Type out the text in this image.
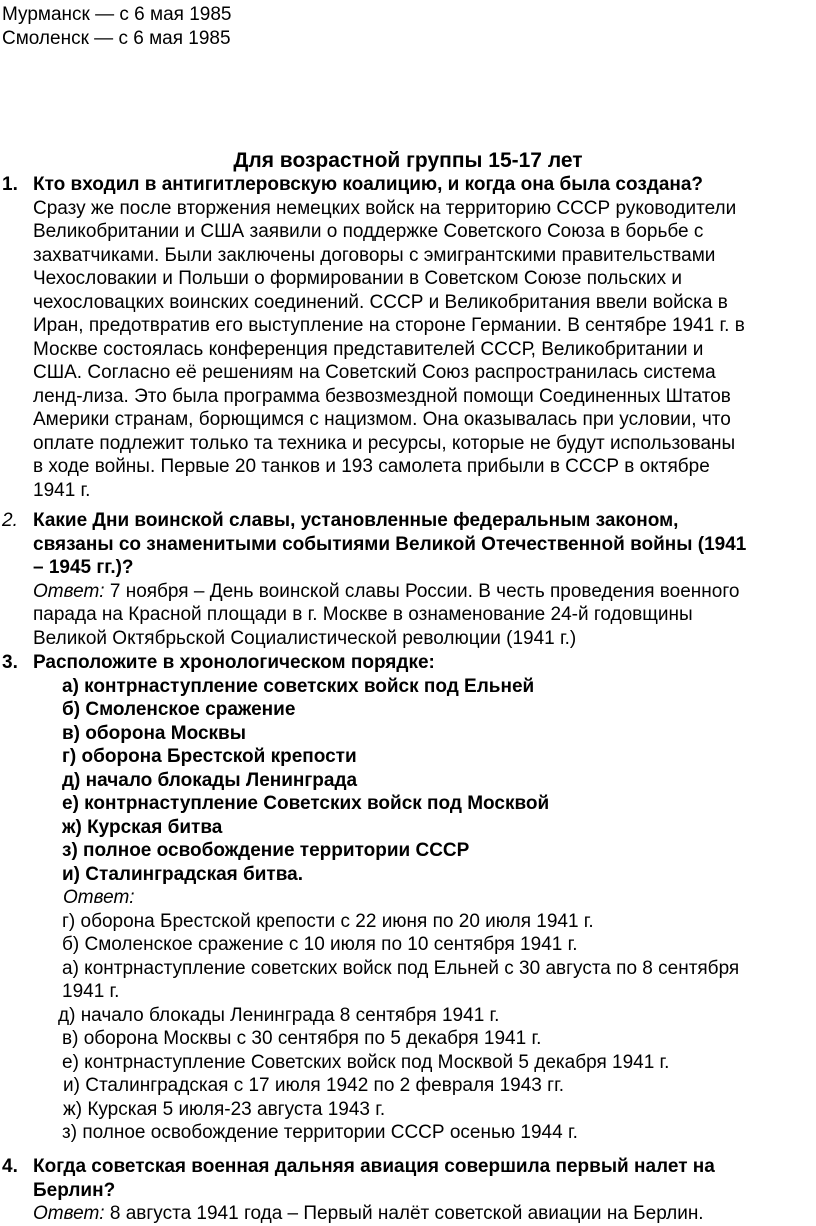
Мурманск — с 6 мая 1985
Смоленск — с 6 мая 1985
Для возрастной группы 15-17 лет
1. Кто входил в антигитлеровскую коалицию, и когда она была создана?
Сразу же после вторжения немецких войск на территорию СССР руководители
Великобритании и США заявили о поддержке Советского Союза в борьбе с
захватчиками. Были заключены договоры с эмигрантскими правительствами
Чехословакии и Польши о формировании в Советском Союзе польских и
чехословацких воинских соединений. СССР и Великобритания ввели войска в
Иран, предотвратив его выступление на стороне Германии. В сентябре 1941 г. в
Москве состоялась конференция представителей СССР, Великобритании и
США. Согласно её решениям на Советский Союз распространилась система
ленд-лиза. Это была программа безвозмездной помощи Соединенных Штатов
Америки странам, борющимся с нацизмом. Она оказывалась при условии, что
оплате подлежит только та техника и ресурсы, которые не будут использованы
в ходе войны. Первые 20 танков и 193 самолета прибыли в СССР в октябре
1941 г.
2. Какие Дни воинской славы, установленные федеральным законом,
связаны со знаменитыми событиями Великой Отечественной войны (1941
– 1945 гг.)?
Ответ: 7 ноября – День воинской славы России. В честь проведения военного
парада на Красной площади в г. Москве в ознаменование 24-й годовщины
Великой Октябрьской Социалистической революции (1941 г.)
3. Расположите в хронологическом порядке:
а) контрнаступление советских войск под Ельней
б) Смоленское сражение
в) оборона Москвы
г) оборона Брестской крепости
д) начало блокады Ленинграда
е) контрнаступление Советских войск под Москвой
ж) Курская битва
з) полное освобождение территории СССР
и) Сталинградская битва.
Ответ:
г) оборона Брестской крепости с 22 июня по 20 июля 1941 г.
б) Смоленское сражение с 10 июля по 10 сентября 1941 г.
а) контрнаступление советских войск под Ельней с 30 августа по 8 сентября
1941 г.
д) начало блокады Ленинграда 8 сентября 1941 г.
в) оборона Москвы с 30 сентября по 5 декабря 1941 г.
е) контрнаступление Советских войск под Москвой 5 декабря 1941 г.
и) Сталинградская с 17 июля 1942 по 2 февраля 1943 гг.
ж) Курская 5 июля-23 августа 1943 г.
з) полное освобождение территории СССР осенью 1944 г.
4. Когда советская военная дальняя авиация совершила первый налет на
Берлин?
Ответ: 8 августа 1941 года – Первый налёт советской авиации на Берлин.
